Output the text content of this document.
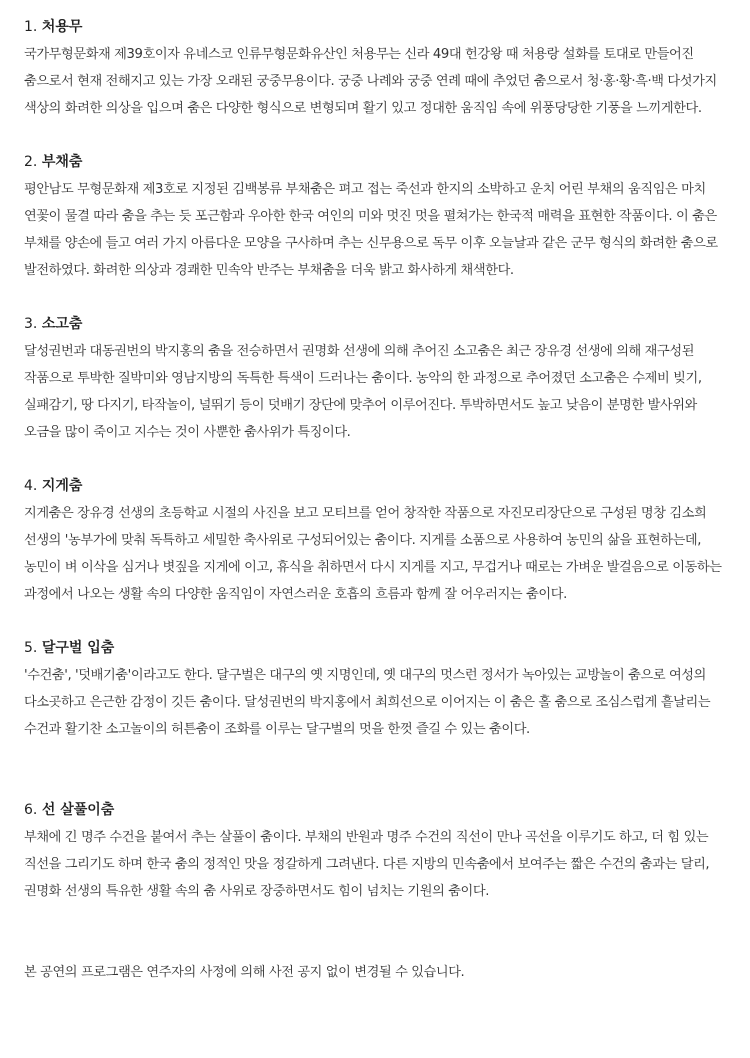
1. 처용무

국가무형문화재 제39호이자 유네스코 인류무형문화유산인 처용무는 신라 49대 헌강왕 때 처용랑 설화를 토대로 만들어진 춤으로서 현재 전해지고 있는 가장 오래된 궁중무용이다. 궁중 나례와 궁중 연례 때에 추었던 춤으로서 청·홍·황·흑·백 다섯가지 색상의 화려한 의상을 입으며 춤은 다양한 형식으로 변형되며 활기 있고 정대한 움직임 속에 위풍당당한 기풍을 느끼게한다.

2. 부채춤

평안남도 무형문화재 제3호로 지정된 김백봉류 부채춤은 펴고 접는 죽선과 한지의 소박하고 운치 어린 부채의 움직임은 마치 연꽃이 물결 따라 춤을 추는 듯 포근함과 우아한 한국 여인의 미와 멋진 멋을 펼쳐가는 한국적 매력을 표현한 작품이다. 이 춤은 부채를 양손에 들고 여러 가지 아름다운 모양을 구사하며 추는 신무용으로 독무 이후 오늘날과 같은 군무 형식의 화려한 춤으로 발전하였다. 화려한 의상과 경쾌한 민속악 반주는 부채춤을 더욱 밝고 화사하게 채색한다.

3. 소고춤

달성권번과 대동권번의 박지홍의 춤을 전승하면서 권명화 선생에 의해 추어진 소고춤은 최근 장유경 선생에 의해 재구성된 작품으로 투박한 질박미와 영남지방의 독특한 특색이 드러나는 춤이다. 농악의 한 과정으로 추어졌던 소고춤은 수제비 빚기, 실패감기, 땅 다지기, 타작놀이, 널뛰기 등이 덧배기 장단에 맞추어 이루어진다. 투박하면서도 높고 낮음이 분명한 발사위와 오금을 많이 죽이고 지수는 것이 사뿐한 춤사위가 특징이다.

4. 지게춤

지게춤은 장유경 선생의 초등학교 시절의 사진을 보고 모티브를 얻어 창작한 작품으로 자진모리장단으로 구성된 명창 김소희 선생의 '농부가에 맞춰 독특하고 세밀한 축사위로 구성되어있는 춤이다. 지게를 소품으로 사용하여 농민의 삶을 표현하는데, 농민이 벼 이삭을 심거나 볏짚을 지게에 이고, 휴식을 취하면서 다시 지게를 지고, 무겁거나 때로는 가벼운 발걸음으로 이동하는 과정에서 나오는 생활 속의 다양한 움직임이 자연스러운 호흡의 흐름과 함께 잘 어우러지는 춤이다.

5. 달구벌 입춤

'수건춤', '덧배기춤'이라고도 한다. 달구벌은 대구의 옛 지명인데, 옛 대구의 멋스런 정서가 녹아있는 교방놀이 춤으로 여성의 다소곳하고 은근한 감정이 깃든 춤이다. 달성권번의 박지홍에서 최희선으로 이어지는 이 춤은 홀 춤으로 조심스럽게 흩날리는 수건과 활기찬 소고놀이의 허튼춤이 조화를 이루는 달구벌의 멋을 한껏 즐길 수 있는 춤이다.

6. 선 살풀이춤

부채에 긴 명주 수건을 붙여서 추는 살풀이 춤이다. 부채의 반원과 명주 수건의 직선이 만나 곡선을 이루기도 하고, 더 힘 있는 직선을 그리기도 하며 한국 춤의 정적인 맛을 정갈하게 그려낸다. 다른 지방의 민속춤에서 보여주는 짧은 수건의 춤과는 달리, 권명화 선생의 특유한 생활 속의 춤 사위로 장중하면서도 힘이 넘치는 기원의 춤이다.

본 공연의 프로그램은 연주자의 사정에 의해 사전 공지 없이 변경될 수 있습니다.
